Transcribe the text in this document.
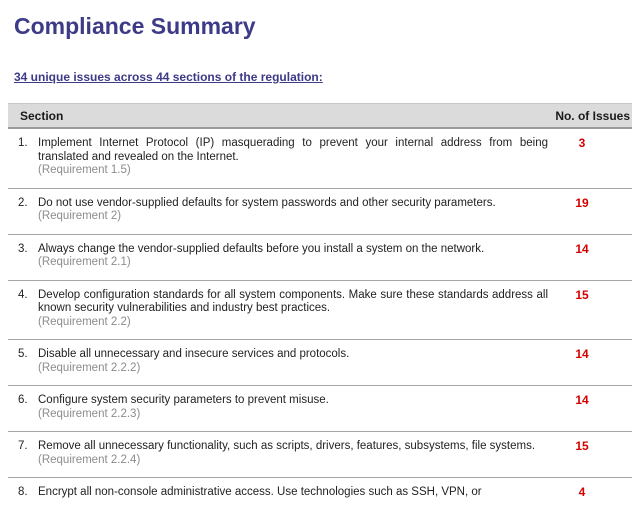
Compliance Summary
34 unique issues across 44 sections of the regulation:
Section	No. of Issues
1. Implement Internet Protocol (IP) masquerading to prevent your internal address from being translated and revealed on the Internet.
(Requirement 1.5)
3
2. Do not use vendor-supplied defaults for system passwords and other security parameters.
(Requirement 2)
19
3. Always change the vendor-supplied defaults before you install a system on the network.
(Requirement 2.1)
14
4. Develop configuration standards for all system components. Make sure these standards address all known security vulnerabilities and industry best practices.
(Requirement 2.2)
15
5. Disable all unnecessary and insecure services and protocols.
(Requirement 2.2.2)
14
6. Configure system security parameters to prevent misuse.
(Requirement 2.2.3)
14
7. Remove all unnecessary functionality, such as scripts, drivers, features, subsystems, file systems.
(Requirement 2.2.4)
15
8. Encrypt all non-console administrative access. Use technologies such as SSH, VPN, or	4
